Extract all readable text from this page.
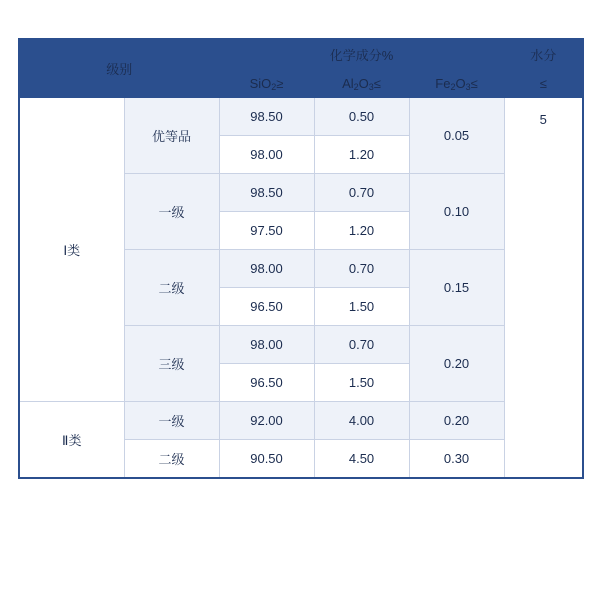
级别		化学成分%			水分
		SiO$_2$≥	$Al_2O_3\le$	$Fe_2O_3\le$	≤
Ⅰ类	优等品	98.50	0.50	0.05	5
		98.00	1.20		
	一级	98.50	0.70	0.10	
		97.50	1.20		
	二级	98.00	0.70	0.15	
		96.50	1.50		
	三级	98.00	0.70	0.20	
		96.50	1.50		
Ⅱ类	一级	92.00	4.00	0.20	
	二级	90.50	4.50	0.30	
